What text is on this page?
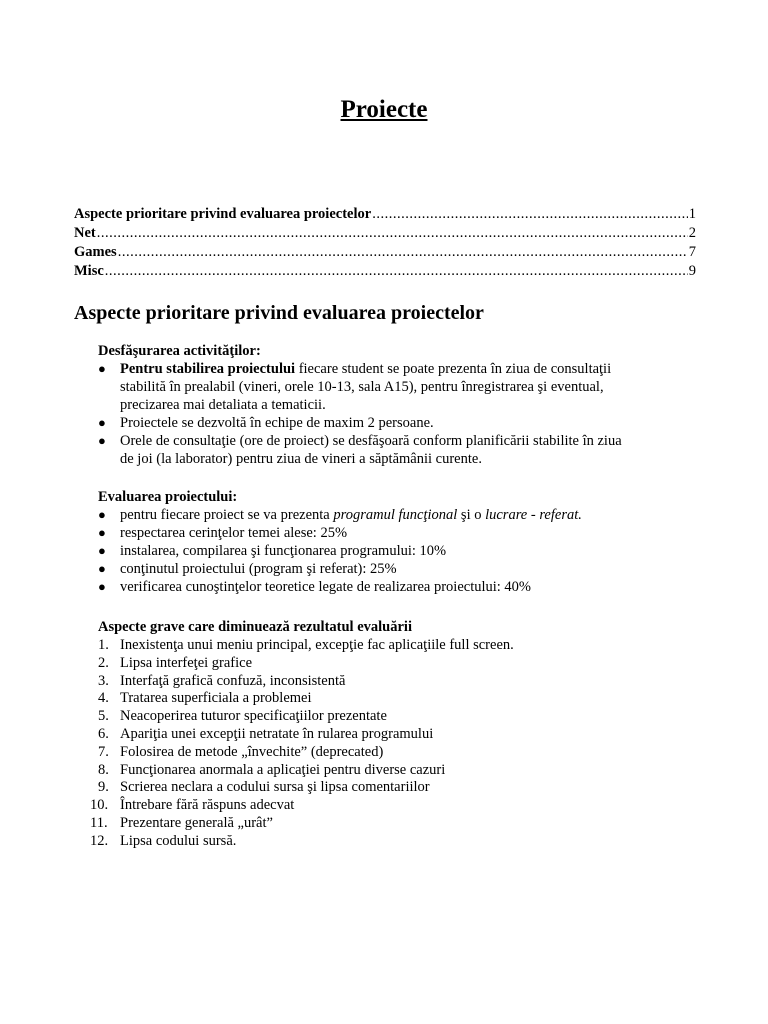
Proiecte
Aspecte prioritare privind evaluarea proiectelor .....	1
Net .....	2
Games .....	7
Misc .....	9
Aspecte prioritare privind evaluarea proiectelor
Desfăşurarea activităţilor:
● Pentru stabilirea proiectului fiecare student se poate prezenta în ziua de consultaţii
stabilită în prealabil (vineri, orele 10-13, sala A15), pentru înregistrarea şi eventual,
precizarea mai detaliata a tematicii.
● Proiectele se dezvoltă în echipe de maxim 2 persoane.
● Orele de consultaţie (ore de proiect) se desfăşoară conform planificării stabilite în ziua
de joi (la laborator) pentru ziua de vineri a săptămânii curente.
Evaluarea proiectului:
● pentru fiecare proiect se va prezenta programul funcţional şi o lucrare - referat.
● respectarea cerinţelor temei alese: 25%
● instalarea, compilarea şi funcţionarea programului: 10%
● conţinutul proiectului (program şi referat): 25%
● verificarea cunoştinţelor teoretice legate de realizarea proiectului: 40%
Aspecte grave care diminuează rezultatul evaluării
1. Inexistenţa unui meniu principal, excepţie fac aplicaţiile full screen.
2. Lipsa interfeţei grafice
3. Interfaţă grafică confuză, inconsistentă
4. Tratarea superficiala a problemei
5. Neacoperirea tuturor specificaţiilor prezentate
6. Apariţia unei excepţii netratate în rularea programului
7. Folosirea de metode „învechite” (deprecated)
8. Funcţionarea anormala a aplicaţiei pentru diverse cazuri
9. Scrierea neclara a codului sursa şi lipsa comentariilor
10. Întrebare fără răspuns adecvat
11. Prezentare generală „urât”
12. Lipsa codului sursă.
